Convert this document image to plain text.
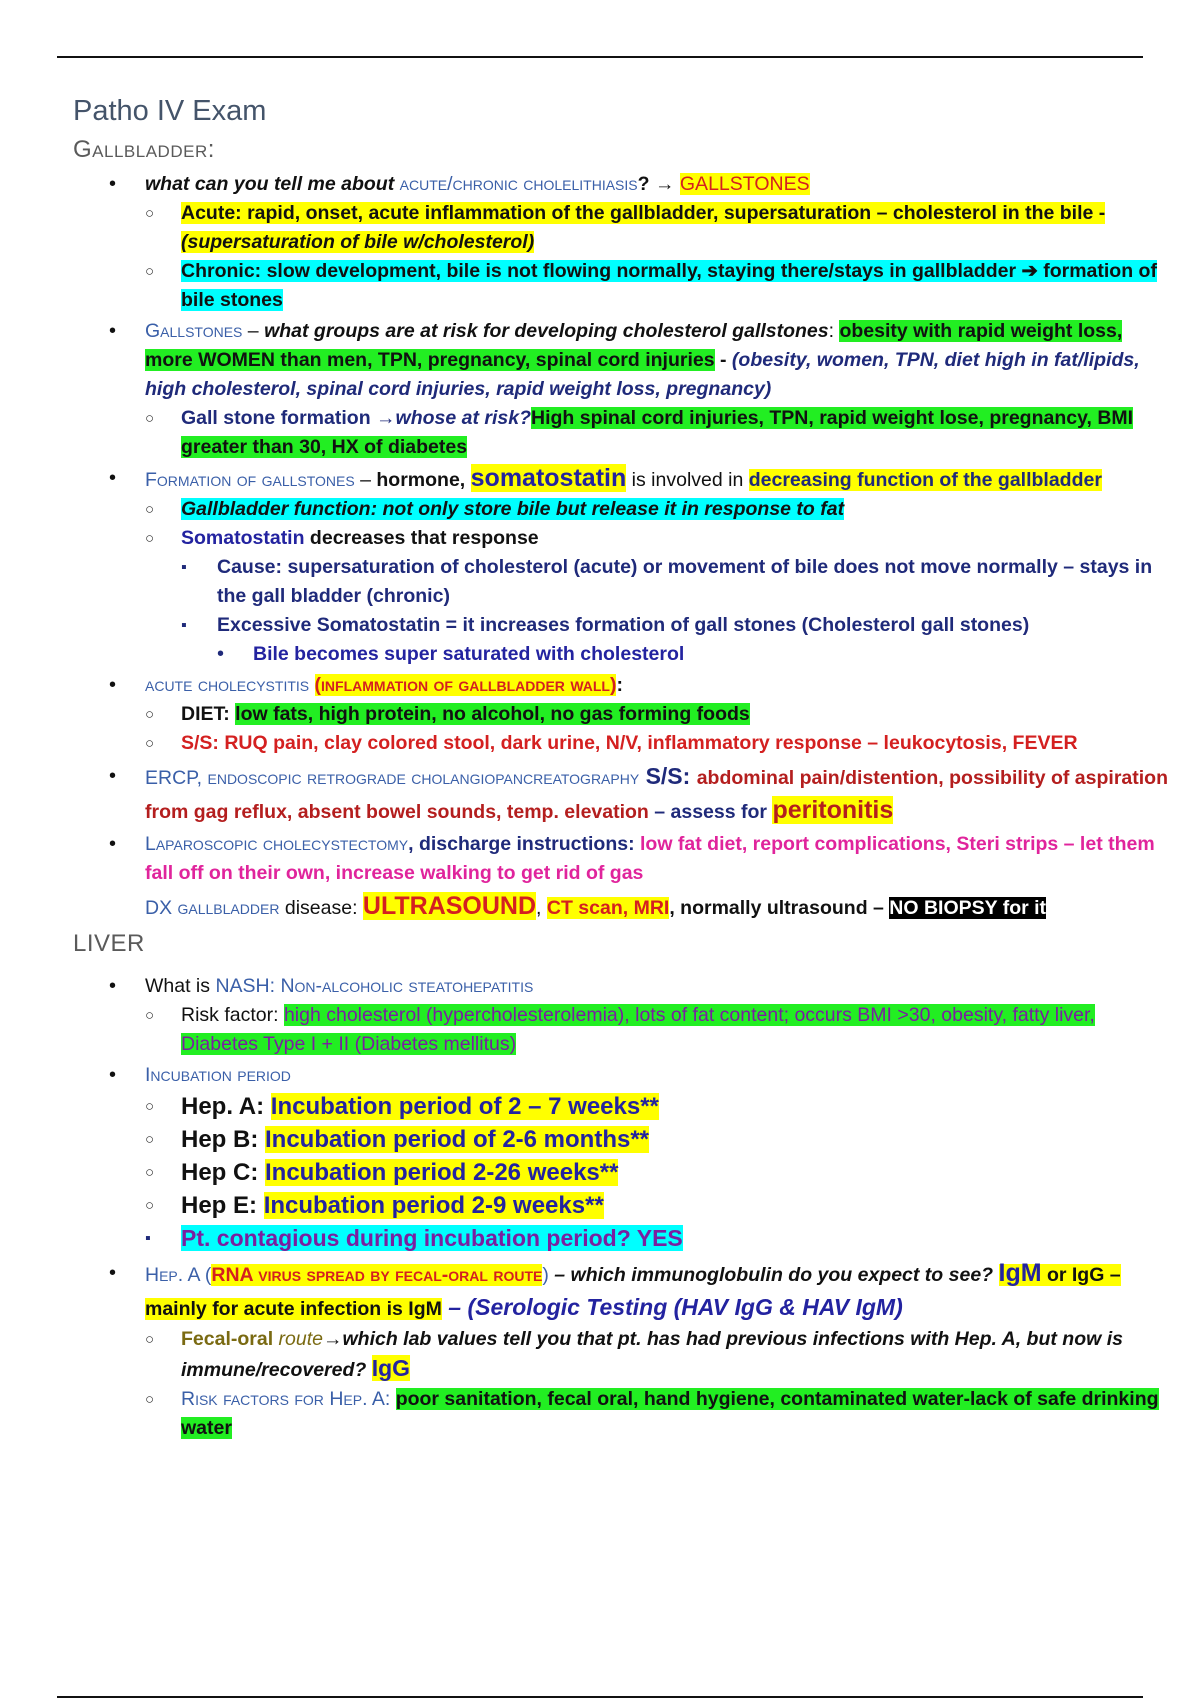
Patho IV Exam
Gallbladder:
• what can you tell me about acute/chronic cholelithiasis? → GALLSTONES
○ Acute: rapid, onset, acute inflammation of the gallbladder, supersaturation – cholesterol in the bile - (supersaturation of bile w/cholesterol)
○ Chronic: slow development, bile is not flowing normally, staying there/stays in gallbladder ➔ formation of bile stones
• Gallstones – what groups are at risk for developing cholesterol gallstones: obesity with rapid weight loss, more WOMEN than men, TPN, pregnancy, spinal cord injuries - (obesity, women, TPN, diet high in fat/lipids, high cholesterol, spinal cord injuries, rapid weight loss, pregnancy)
○ Gall stone formation →whose at risk?High spinal cord injuries, TPN, rapid weight lose, pregnancy, BMI greater than 30, HX of diabetes
• Formation of gallstones – hormone, somatostatin is involved in decreasing function of the gallbladder
○ Gallbladder function: not only store bile but release it in response to fat
○ Somatostatin decreases that response
▪ Cause: supersaturation of cholesterol (acute) or movement of bile does not move normally – stays in the gall bladder (chronic)
▪ Excessive Somatostatin = it increases formation of gall stones (Cholesterol gall stones)
• Bile becomes super saturated with cholesterol
• acute cholecystitis (inflammation of gallbladder wall):
○ DIET: low fats, high protein, no alcohol, no gas forming foods
○ S/S: RUQ pain, clay colored stool, dark urine, N/V, inflammatory response – leukocytosis, FEVER
• ERCP, endoscopic retrograde cholangiopancreatography S/S: abdominal pain/distention, possibility of aspiration from gag reflux, absent bowel sounds, temp. elevation – assess for peritonitis
• Laparoscopic cholecystectomy, discharge instructions: low fat diet, report complications, Steri strips – let them fall off on their own, increase walking to get rid of gas
DX gallbladder disease: ULTRASOUND, CT scan, MRI, normally ultrasound – NO BIOPSY for it
LIVER
• What is NASH: Non-alcoholic steatohepatitis
○ Risk factor: high cholesterol (hypercholesterolemia), lots of fat content; occurs BMI >30, obesity, fatty liver, Diabetes Type I + II (Diabetes mellitus)
• Incubation period
○ Hep. A: Incubation period of 2 – 7 weeks**
○ Hep B: Incubation period of 2-6 months**
○ Hep C: Incubation period 2-26 weeks**
○ Hep E: Incubation period 2-9 weeks**
▪ Pt. contagious during incubation period? YES
• Hep. A (RNA virus spread by fecal-oral route) – which immunoglobulin do you expect to see? IgM or IgG – mainly for acute infection is IgM – (Serologic Testing (HAV IgG & HAV IgM)
○ Fecal-oral route→which lab values tell you that pt. has had previous infections with Hep. A, but now is immune/recovered? IgG
○ Risk factors for Hep. A: poor sanitation, fecal oral, hand hygiene, contaminated water-lack of safe drinking water
